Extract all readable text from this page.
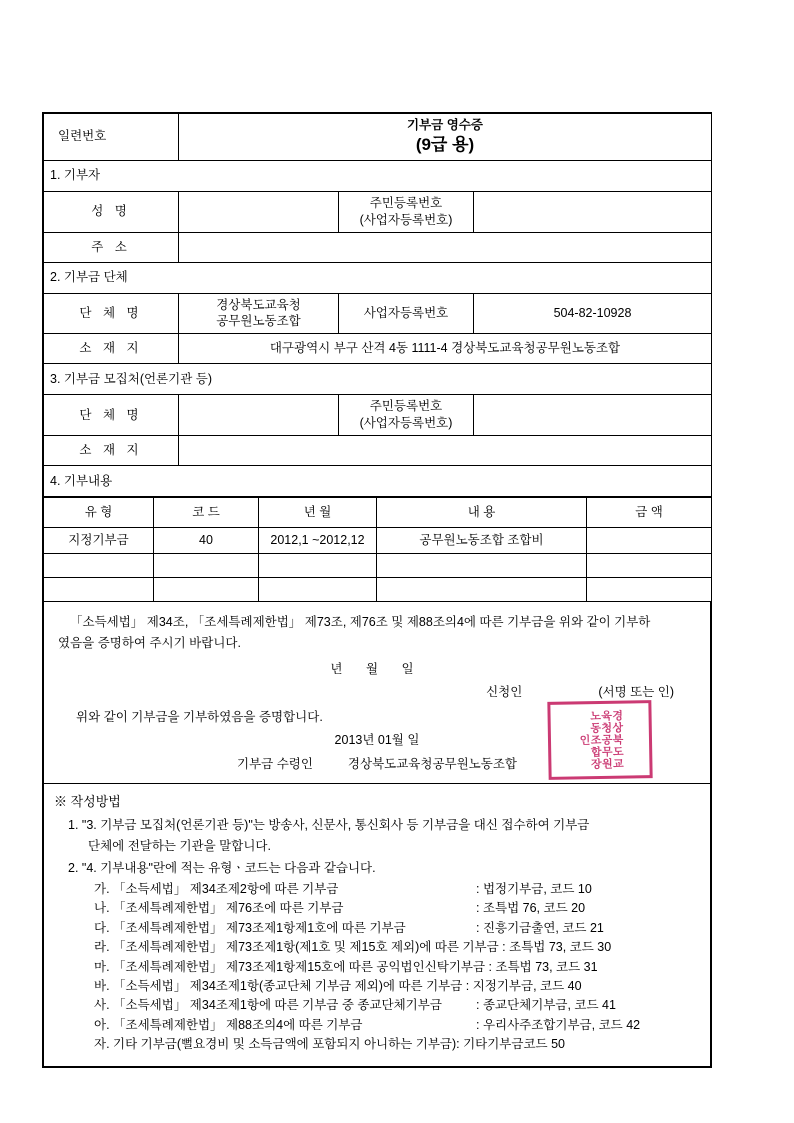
일련번호	기부금 영수증
(9급 용)		

1. 기부자			
성 명		주민등록번호
(사업자등록번호)	

주 소			
2. 기부금 단체			
단 체 명	경상북도교육청
공무원노동조합	사업자등록번호	504-82-10928
소 재 지	대구광역시 부구 산격 4동 1111-4 경상북도교육청공무원노동조합		
3. 기부금 모집처(언론기관 등)			
단 체 명		주민등록번호
(사업자등록번호)	

소 재 지			
4. 기부내용			
유 형	코 드	년 월	내 용	금 액
지정기부금	40	2012,1 ~2012,12	공무원노동조합 조합비	

「소득세법」 제34조, 「조세특례제한법」 제73조, 제76조 및 제88조의4에 따른 기부금을 위와 같이 기부하
였음을 증명하여 주시기 바랍니다.
년 월 일
신청인	(서명 또는 인)
위와 같이 기부금을 기부하였음을 증명합니다.
2013년 01월 일
기부금 수령인	경상북도교육청공무원노동조합	경상북도교육청공무원노동조합장인
※ 작성방법
1. "3. 기부금 모집처(언론기관 등)"는 방송사, 신문사, 통신회사 등 기부금을 대신 접수하여 기부금
단체에 전달하는 기관을 말합니다.
2. "4. 기부내용"란에 적는 유형ㆍ코드는 다음과 같습니다.
가. 「소득세법」 제34조제2항에 따른 기부금	: 법정기부금, 코드 10
나. 「조세특례제한법」 제76조에 따른 기부금	: 조특법 76, 코드 20
다. 「조세특례제한법」 제73조제1항제1호에 따른 기부금	: 진흥기금출연, 코드 21
라. 「조세특례제한법」 제73조제1항(제1호 및 제15호 제외)에 따른 기부금 : 조특법 73, 코드 30
마. 「조세특례제한법」 제73조제1항제15호에 따른 공익법인신탁기부금 : 조특법 73, 코드 31
바. 「소득세법」 제34조제1항(종교단체 기부금 제외)에 따른 기부금 : 지정기부금, 코드 40
사. 「소득세법」 제34조제1항에 따른 기부금 중 종교단체기부금	: 종교단체기부금, 코드 41
아. 「조세특례제한법」 제88조의4에 따른 기부금	: 우리사주조합기부금, 코드 42
자. 기타 기부금(뻘요경비 및 소득금액에 포함되지 아니하는 기부금): 기타기부금코드 50
